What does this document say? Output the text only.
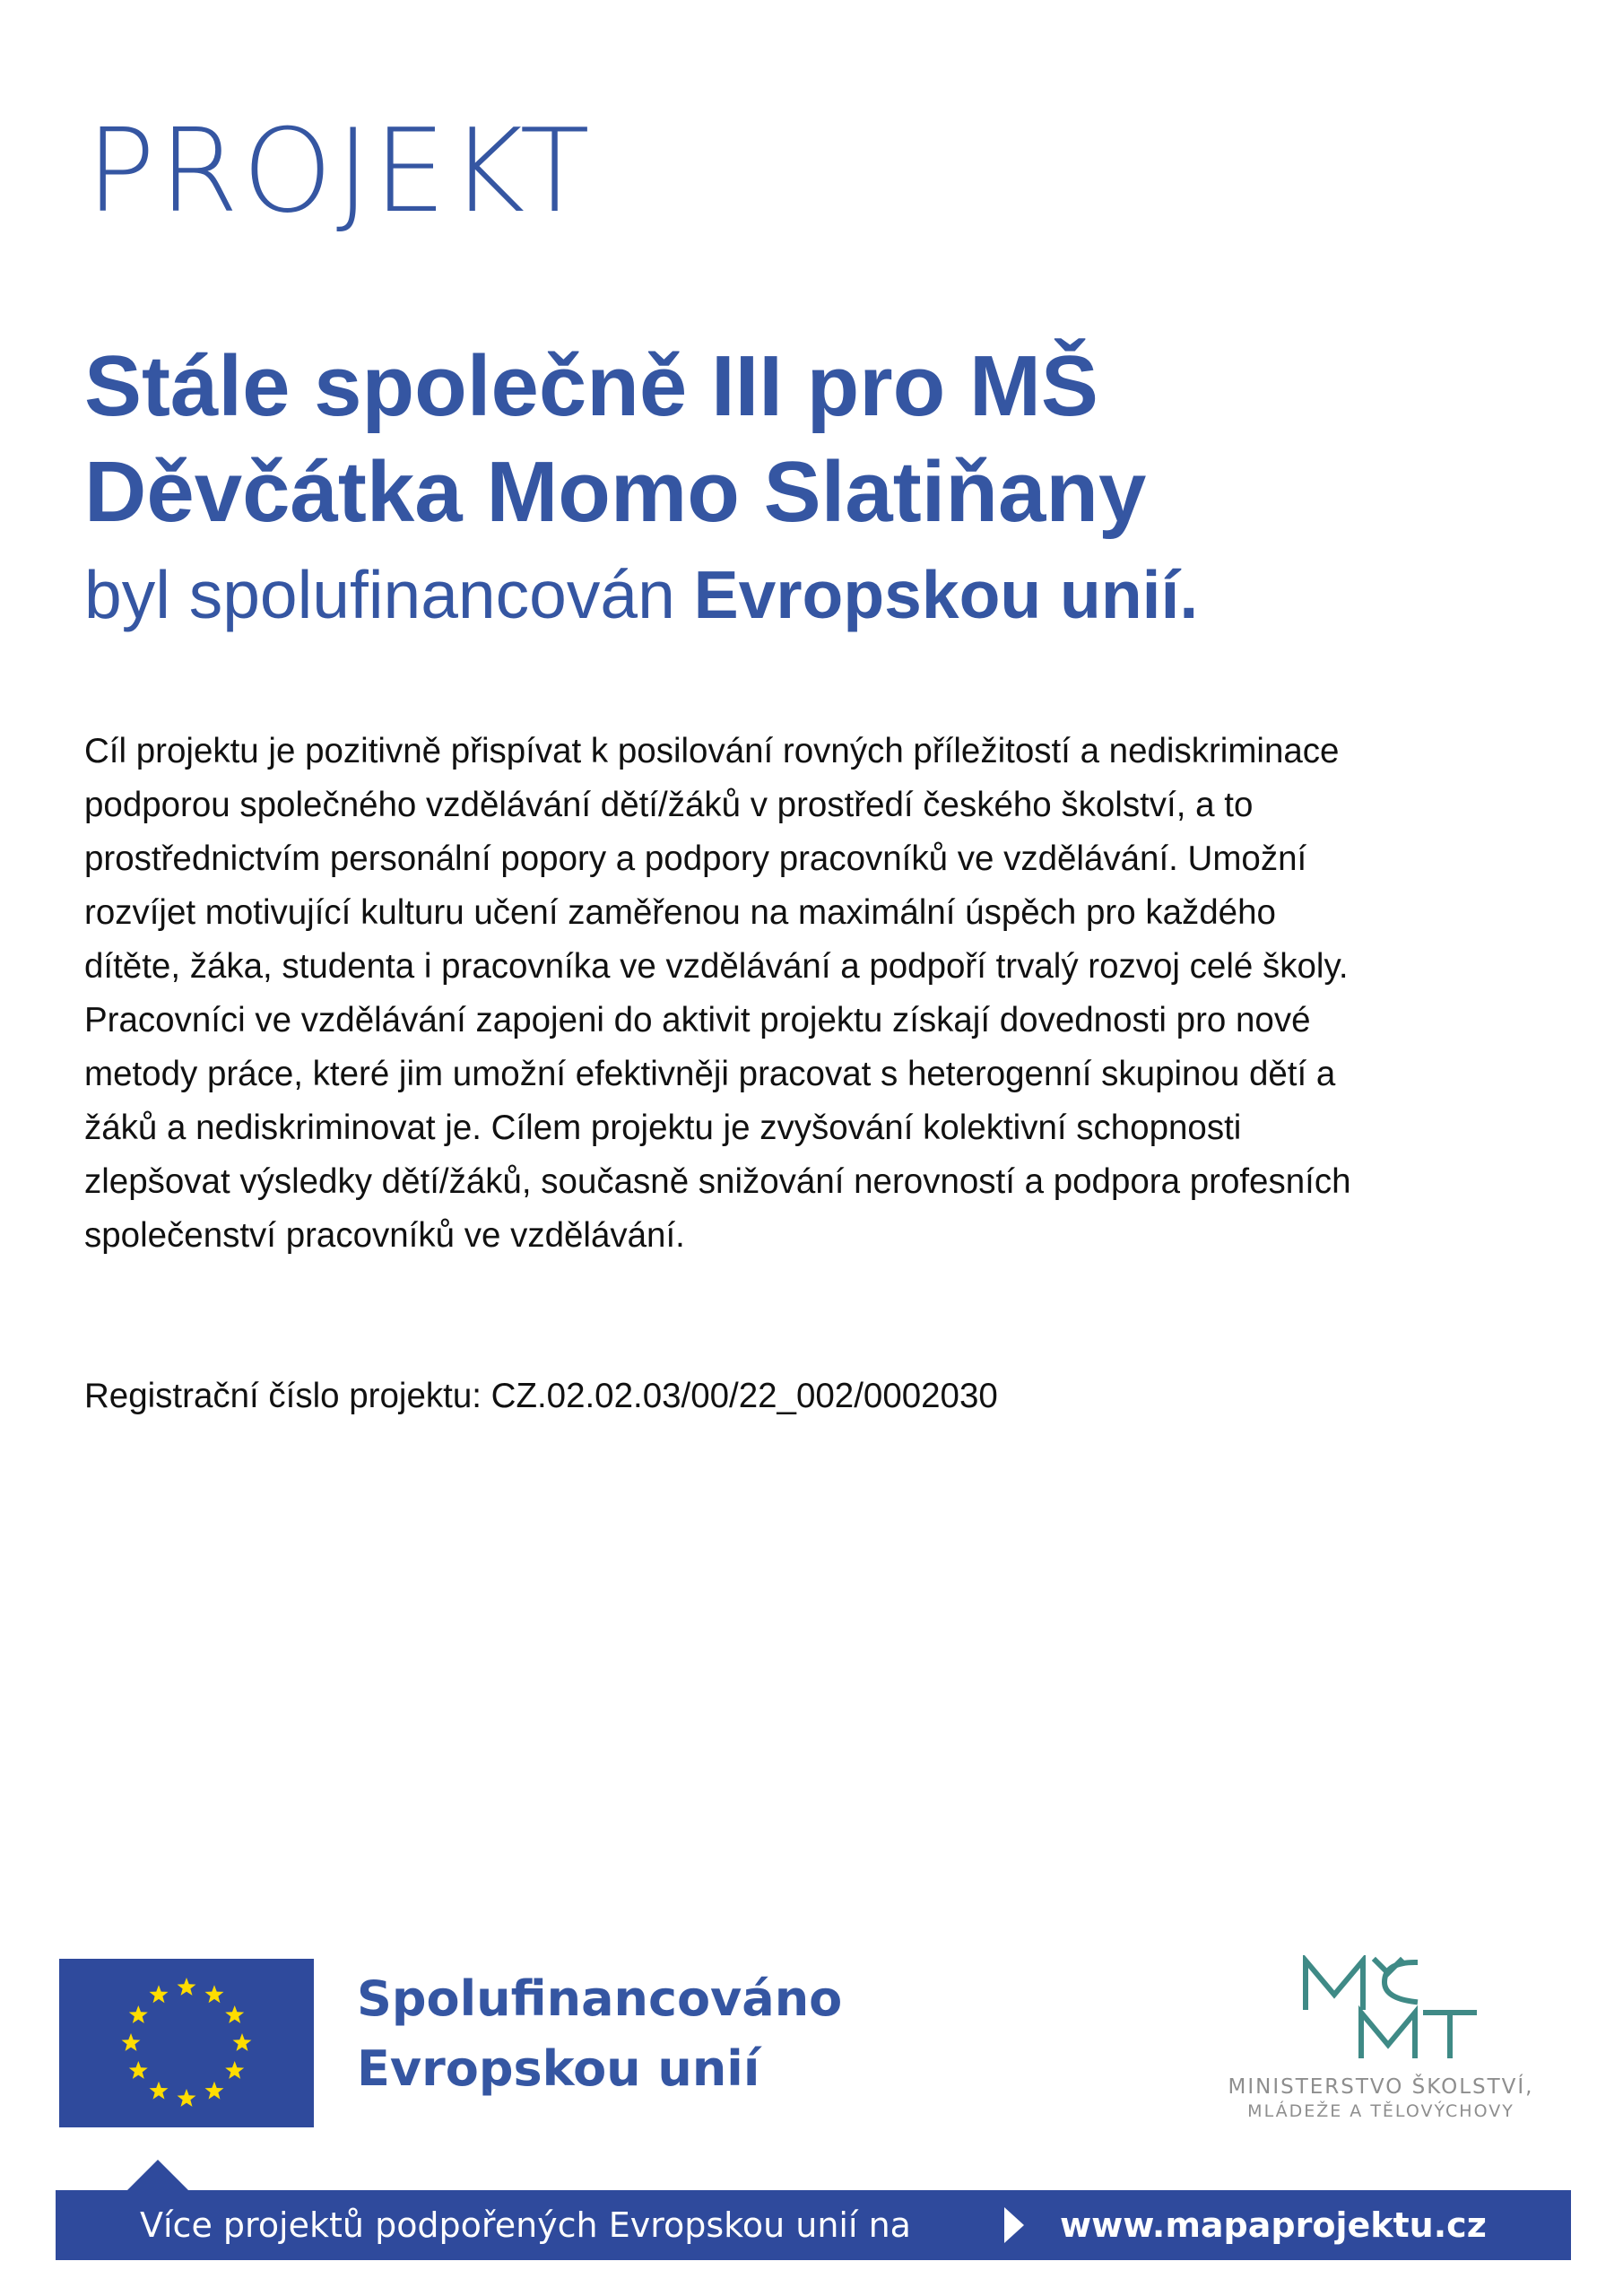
PROJEKT
Stále společně III pro MŠ
Děvčátka Momo Slatiňany
byl spolufinancován Evropskou unií.
Cíl projektu je pozitivně přispívat k posilování rovných příležitostí a nediskriminace
podporou společného vzdělávání dětí/žáků v prostředí českého školství, a to
prostřednictvím personální popory a podpory pracovníků ve vzdělávání. Umožní
rozvíjet motivující kulturu učení zaměřenou na maximální úspěch pro každého
dítěte, žáka, studenta i pracovníka ve vzdělávání a podpoří trvalý rozvoj celé školy.
Pracovníci ve vzdělávání zapojeni do aktivit projektu získají dovednosti pro nové
metody práce, které jim umožní efektivněji pracovat s heterogenní skupinou dětí a
žáků a nediskriminovat je. Cílem projektu je zvyšování kolektivní schopnosti
zlepšovat výsledky dětí/žáků, současně snižování nerovností a podpora profesních
společenství pracovníků ve vzdělávání.
Registrační číslo projektu: CZ.02.02.03/00/22_002/0002030
Spolufinancováno
Evropskou unií	MINISTERSTVO ŠKOLSTVÍ,
MLÁDEŽE A TĚLOVÝCHOVY
Více projektů podpořených Evropskou unií na	www.mapaprojektu.cz
